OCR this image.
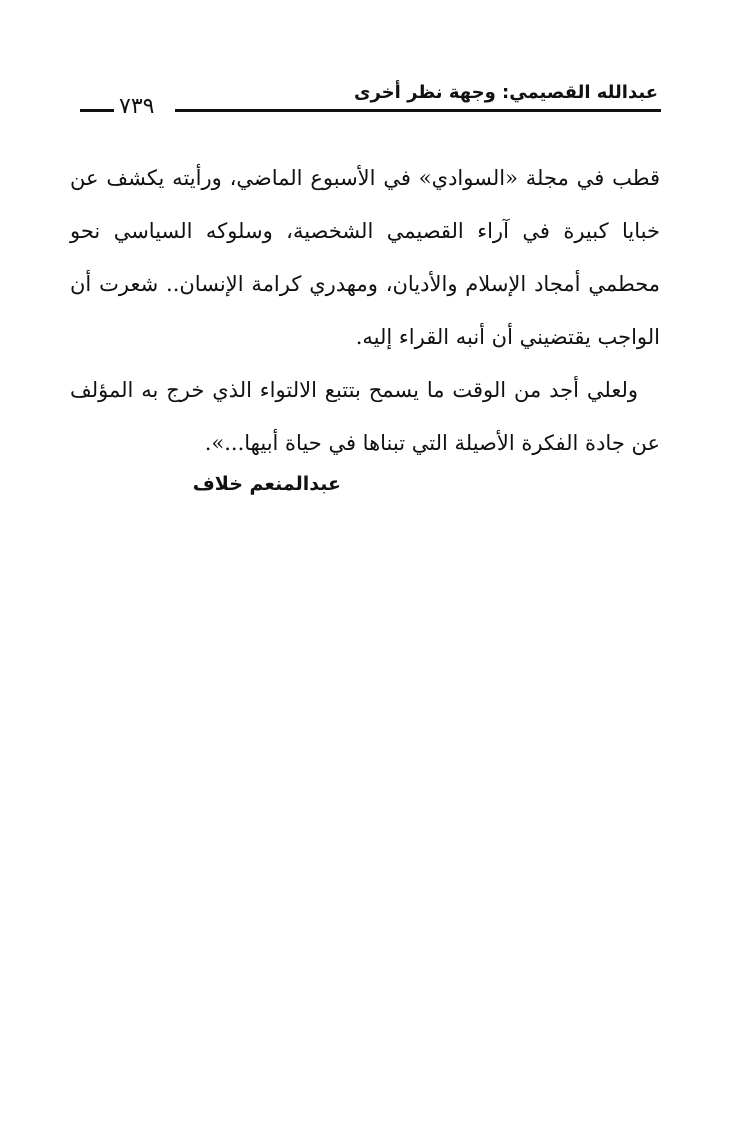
عبدالله القصيمي: وجهة نظر أخرى
٧٣٩

قطب في مجلة «السوادي» في الأسبوع الماضي، ورأيته يكشف عن خبايا كبيرة في آراء القصيمي الشخصية، وسلوكه السياسي نحو محطمي أمجاد الإسلام والأديان، ومهدري كرامة الإنسان.. شعرت أن الواجب يقتضيني أن أنبه القراء إليه.

ولعلي أجد من الوقت ما يسمح بتتبع الالتواء الذي خرج به المؤلف عن جادة الفكرة الأصيلة التي تبناها في حياة أبيها...».

عبدالمنعم خلاف
